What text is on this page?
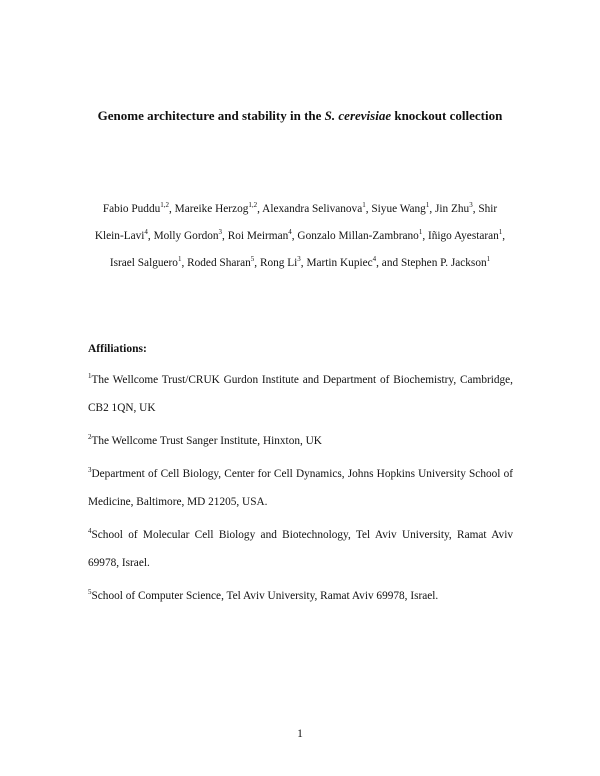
Genome architecture and stability in the S. cerevisiae knockout collection
Fabio Puddu$^{1,2}$, Mareike Herzog$^{1,2}$, Alexandra Selivanova$^1$, Siyue Wang$^1$, Jin Zhu$^3$, Shir Klein-Lavi$^4$, Molly Gordon$^3$, Roi Meirman$^4$, Gonzalo Millan-Zambrano$^1$, Iñigo Ayestaran$^1$, Israel Salguero$^1$, Roded Sharan$^5$, Rong Li$^3$, Martin Kupiec$^4$, and Stephen P. Jackson$^1$
Affiliations:
$^1$The Wellcome Trust/CRUK Gurdon Institute and Department of Biochemistry, Cambridge, CB2 1QN, UK
$^2$The Wellcome Trust Sanger Institute, Hinxton, UK
$^3$Department of Cell Biology, Center for Cell Dynamics, Johns Hopkins University School of Medicine, Baltimore, MD 21205, USA.
$^4$School of Molecular Cell Biology and Biotechnology, Tel Aviv University, Ramat Aviv 69978, Israel.
$^5$School of Computer Science, Tel Aviv University, Ramat Aviv 69978, Israel.
1
